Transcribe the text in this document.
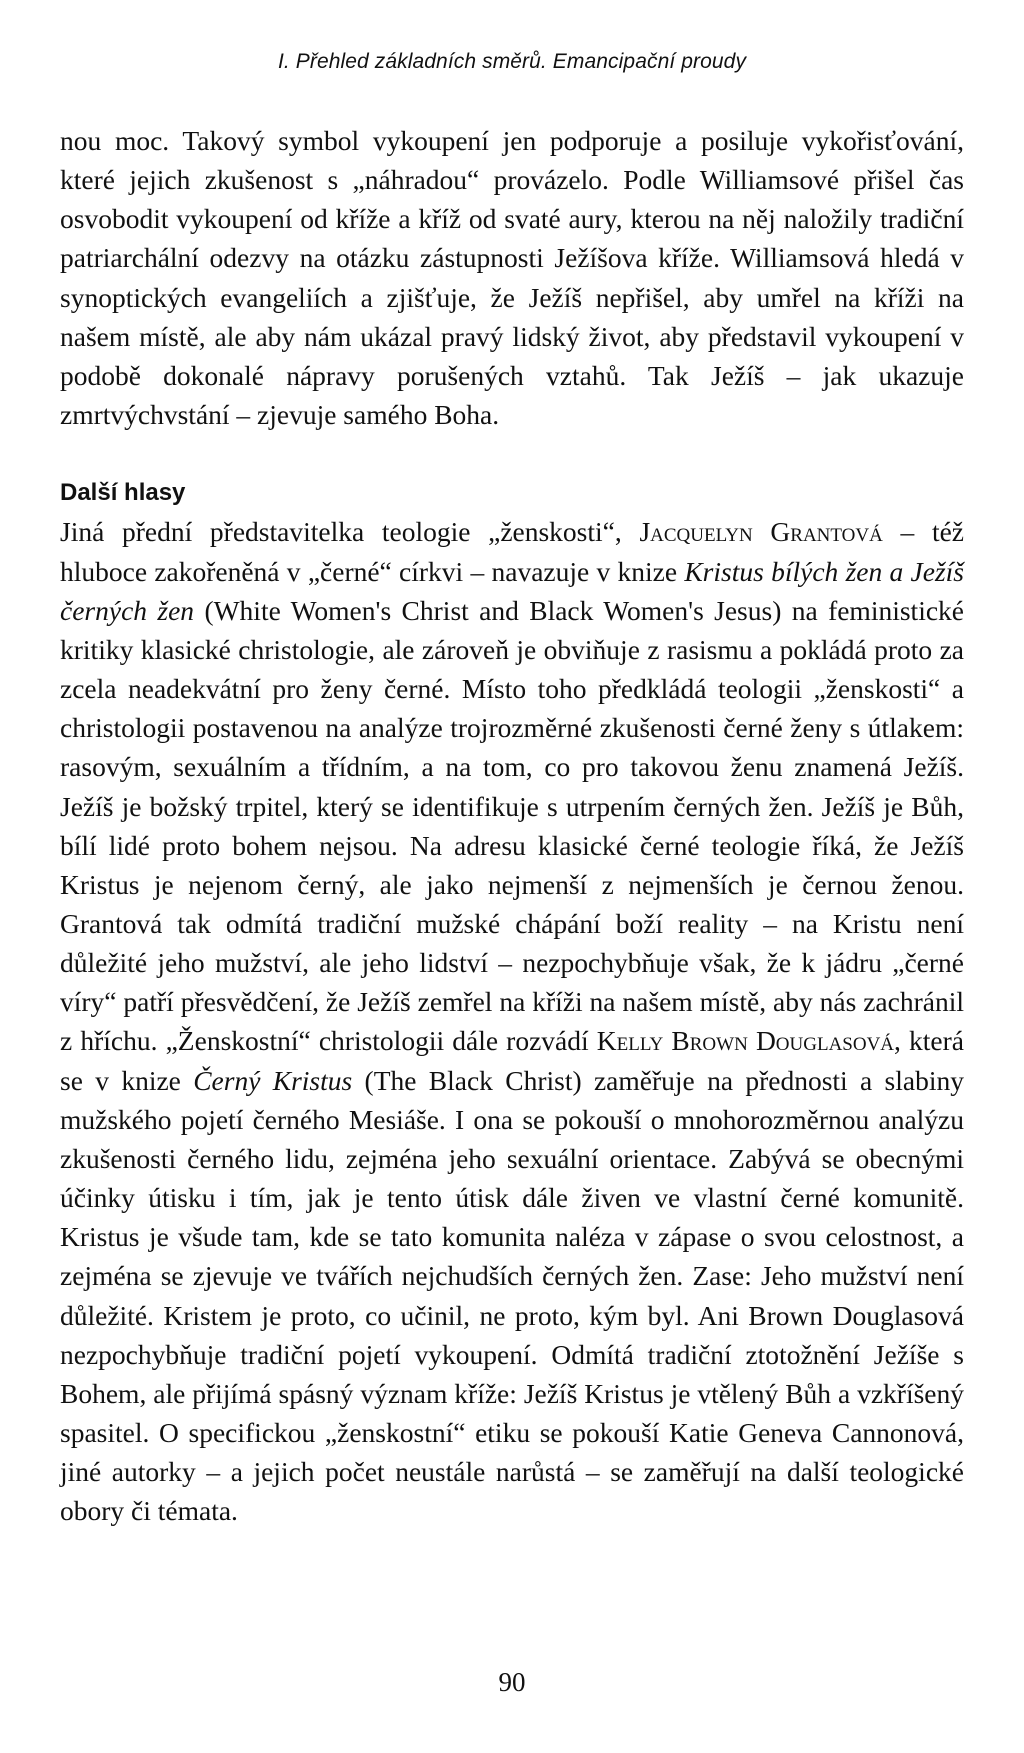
I. Přehled základních směrů. Emancipační proudy

nou moc. Takový symbol vykoupení jen podporuje a posiluje vykořisťování, které jejich zkušenost s „náhradou“ provázelo. Podle Williamsové přišel čas osvobodit vykoupení od kříže a kříž od svaté aury, kterou na něj naložily tradiční patriarchální odezvy na otázku zástupnosti Ježíšova kříže. Williamsová hledá v synoptických evangeliích a zjišťuje, že Ježíš nepřišel, aby umřel na kříži na našem místě, ale aby nám ukázal pravý lidský život, aby představil vykoupení v podobě dokonalé nápravy porušených vztahů. Tak Ježíš – jak ukazuje zmrtvýchvstání – zjevuje samého Boha.

Další hlasy

Jiná přední představitelka teologie „ženskosti“, Jacquelyn Grantová – též hluboce zakořeněná v „černé“ církvi – navazuje v knize Kristus bílých žen a Ježíš černých žen (White Women's Christ and Black Women's Jesus) na feministické kritiky klasické christologie, ale zároveň je obviňuje z rasismu a pokládá proto za zcela neadekvátní pro ženy černé. Místo toho předkládá teologii „ženskosti“ a christologii postavenou na analýze trojrozměrné zkušenosti černé ženy s útlakem: rasovým, sexuálním a třídním, a na tom, co pro takovou ženu znamená Ježíš. Ježíš je božský trpitel, který se identifikuje s utrpením černých žen. Ježíš je Bůh, bílí lidé proto bohem nejsou. Na adresu klasické černé teologie říká, že Ježíš Kristus je nejenom černý, ale jako nejmenší z nejmenších je černou ženou. Grantová tak odmítá tradiční mužské chápání boží reality – na Kristu není důležité jeho mužství, ale jeho lidství – nezpochybňuje však, že k jádru „černé víry“ patří přesvědčení, že Ježíš zemřel na kříži na našem místě, aby nás zachránil z hříchu. „Ženskostní“ christologii dále rozvádí Kelly Brown Douglasová, která se v knize Černý Kristus (The Black Christ) zaměřuje na přednosti a slabiny mužského pojetí černého Mesiáše. I ona se pokouší o mnohorozměrnou analýzu zkušenosti černého lidu, zejména jeho sexuální orientace. Zabývá se obecnými účinky útisku i tím, jak je tento útisk dále živen ve vlastní černé komunitě. Kristus je všude tam, kde se tato komunita naléza v zápase o svou celostnost, a zejména se zjevuje ve tvářích nejchudších černých žen. Zase: Jeho mužství není důležité. Kristem je proto, co učinil, ne proto, kým byl. Ani Brown Douglasová nezpochybňuje tradiční pojetí vykoupení. Odmítá tradiční ztotožnění Ježíše s Bohem, ale přijímá spásný význam kříže: Ježíš Kristus je vtělený Bůh a vzkříšený spasitel. O specifickou „ženskostní“ etiku se pokouší Katie Geneva Cannonová, jiné autorky – a jejich počet neustále narůstá – se zaměřují na další teologické obory či témata.

90
